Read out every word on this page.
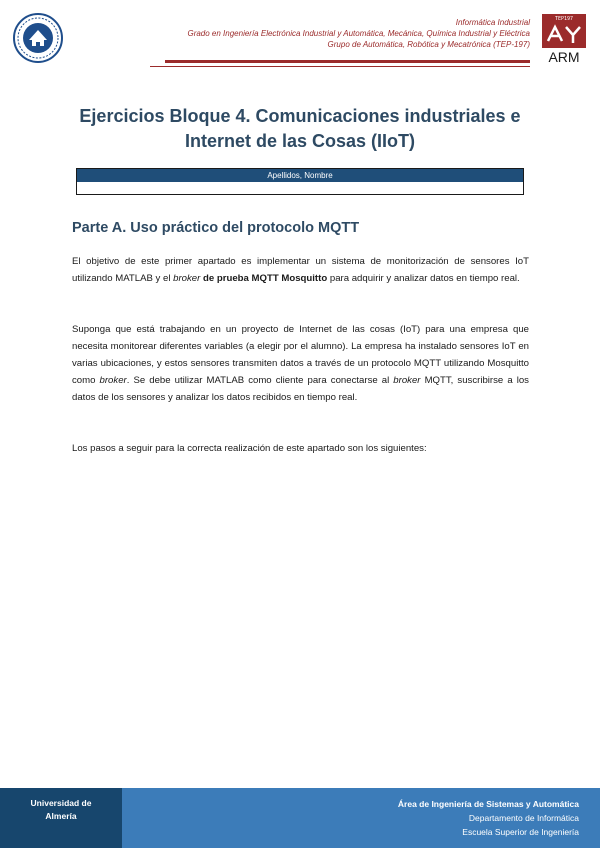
Informática Industrial
Grado en Ingeniería Electrónica Industrial y Automática, Mecánica, Química Industrial y Eléctrica
Grupo de Automática, Robótica y Mecatrónica (TEP-197)
TEP197
ARM
Ejercicios Bloque 4. Comunicaciones industriales e
Internet de las Cosas (IIoT)
Apellidos, Nombre
Parte A. Uso práctico del protocolo MQTT
El objetivo de este primer apartado es implementar un sistema de monitorización de sensores IoT utilizando MATLAB y el broker de prueba MQTT Mosquitto para adquirir y analizar datos en tiempo real.
Suponga que está trabajando en un proyecto de Internet de las cosas (IoT) para una empresa que necesita monitorear diferentes variables (a elegir por el alumno). La empresa ha instalado sensores IoT en varias ubicaciones, y estos sensores transmiten datos a través de un protocolo MQTT utilizando Mosquitto como broker. Se debe utilizar MATLAB como cliente para conectarse al broker MQTT, suscribirse a los datos de los sensores y analizar los datos recibidos en tiempo real.
Los pasos a seguir para la correcta realización de este apartado son los siguientes:
Universidad de
Almería
Área de Ingeniería de Sistemas y Automática
Departamento de Informática
Escuela Superior de Ingeniería
